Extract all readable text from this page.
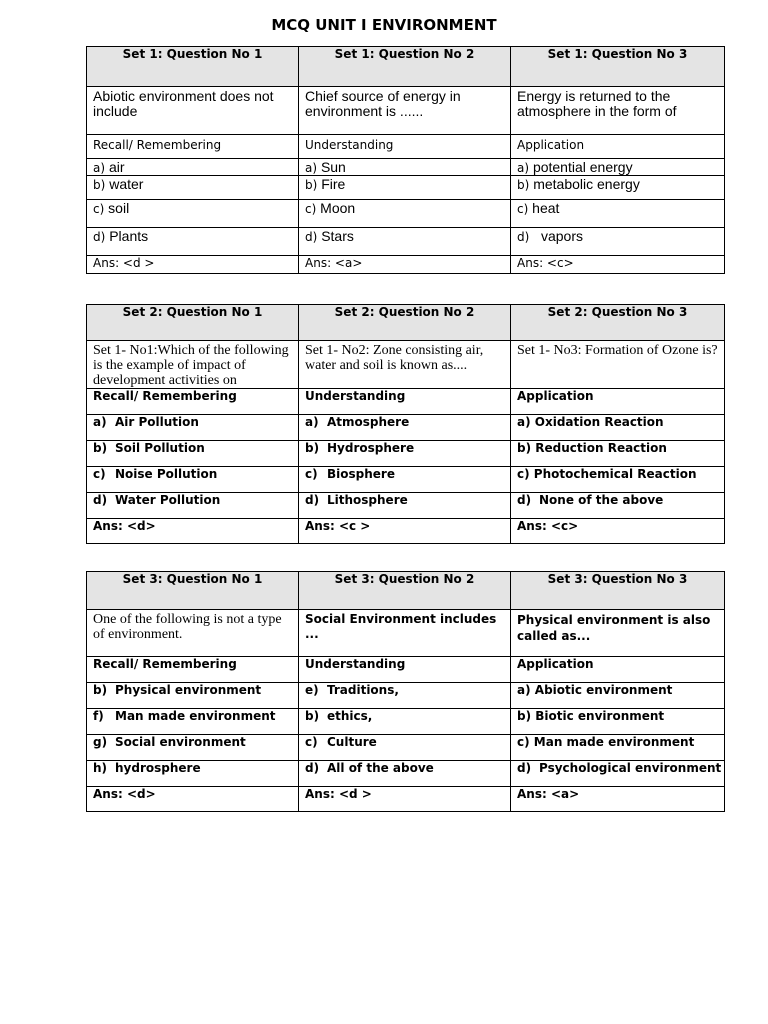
MCQ UNIT I ENVIRONMENT
Set 1: Question No 1	Set 1: Question No 2	Set 1: Question No 3
Abiotic environment does not include	Chief source of energy in environment is ......	Energy is returned to the atmosphere in the form of
Recall/ Remembering	Understanding	Application
a) air	a) Sun	a) potential energy
b) water	b) Fire	b) metabolic energy
c) soil	c) Moon	c) heat
d) Plants	d) Stars	d)   vapors
Ans: <d >	Ans: <a>	Ans: <c>
Set 2: Question No 1	Set 2: Question No 2	Set 2: Question No 3
Set 1- No1:Which of the following is the example of impact of development activities on	Set 1- No2: Zone consisting air, water and soil is known as....	Set 1- No3: Formation of Ozone is?
Recall/ Remembering	Understanding	Application
a) Air Pollution	a) Atmosphere	a) Oxidation Reaction
b) Soil Pollution	b) Hydrosphere	b) Reduction Reaction
c) Noise Pollution	c) Biosphere	c) Photochemical Reaction
d) Water Pollution	d) Lithosphere	d) None of the above
Ans: <d>	Ans: <c >	Ans: <c>
Set 3: Question No 1	Set 3: Question No 2	Set 3: Question No 3
One of the following is not a type of environment.	Social Environment includes ...	Physical environment is also called as...
Recall/ Remembering	Understanding	Application
b) Physical environment	e) Traditions,	a) Abiotic environment
f) Man made environment	b) ethics,	b) Biotic environment
g) Social environment	c) Culture	c) Man made environment
h) hydrosphere	d) All of the above	d) Psychological environment
Ans: <d>	Ans: <d >	Ans: <a>
